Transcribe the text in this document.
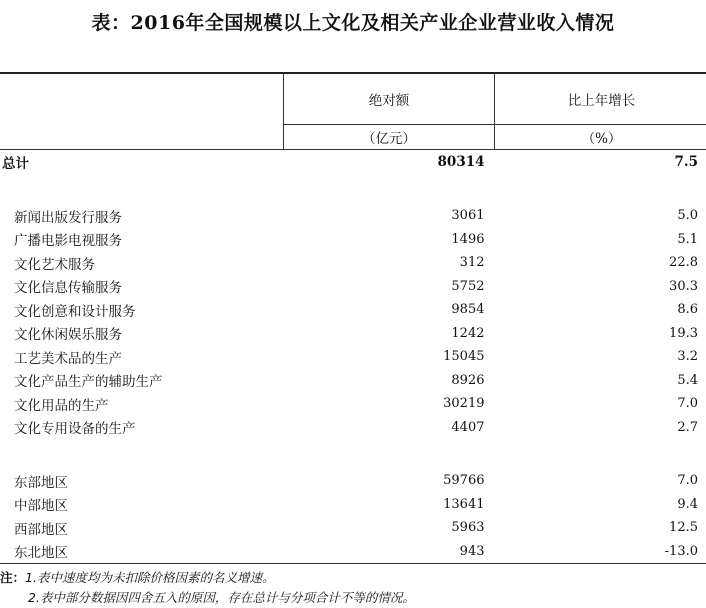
表：2016年全国规模以上文化及相关产业企业营业收入情况
	绝对额	比上年增长
	（亿元）	（%）
总计	80314	7.5

新闻出版发行服务	3061	5.0
广播电影电视服务	1496	5.1
文化艺术服务	312	22.8
文化信息传输服务	5752	30.3
文化创意和设计服务	9854	8.6
文化休闲娱乐服务	1242	19.3
工艺美术品的生产	15045	3.2
文化产品生产的辅助生产	8926	5.4
文化用品的生产	30219	7.0
文化专用设备的生产	4407	2.7

东部地区	59766	7.0
中部地区	13641	9.4
西部地区	5963	12.5
东北地区	943	-13.0
注：1.表中速度均为未扣除价格因素的名义增速。
2.表中部分数据因四舍五入的原因，存在总计与分项合计不等的情况。
